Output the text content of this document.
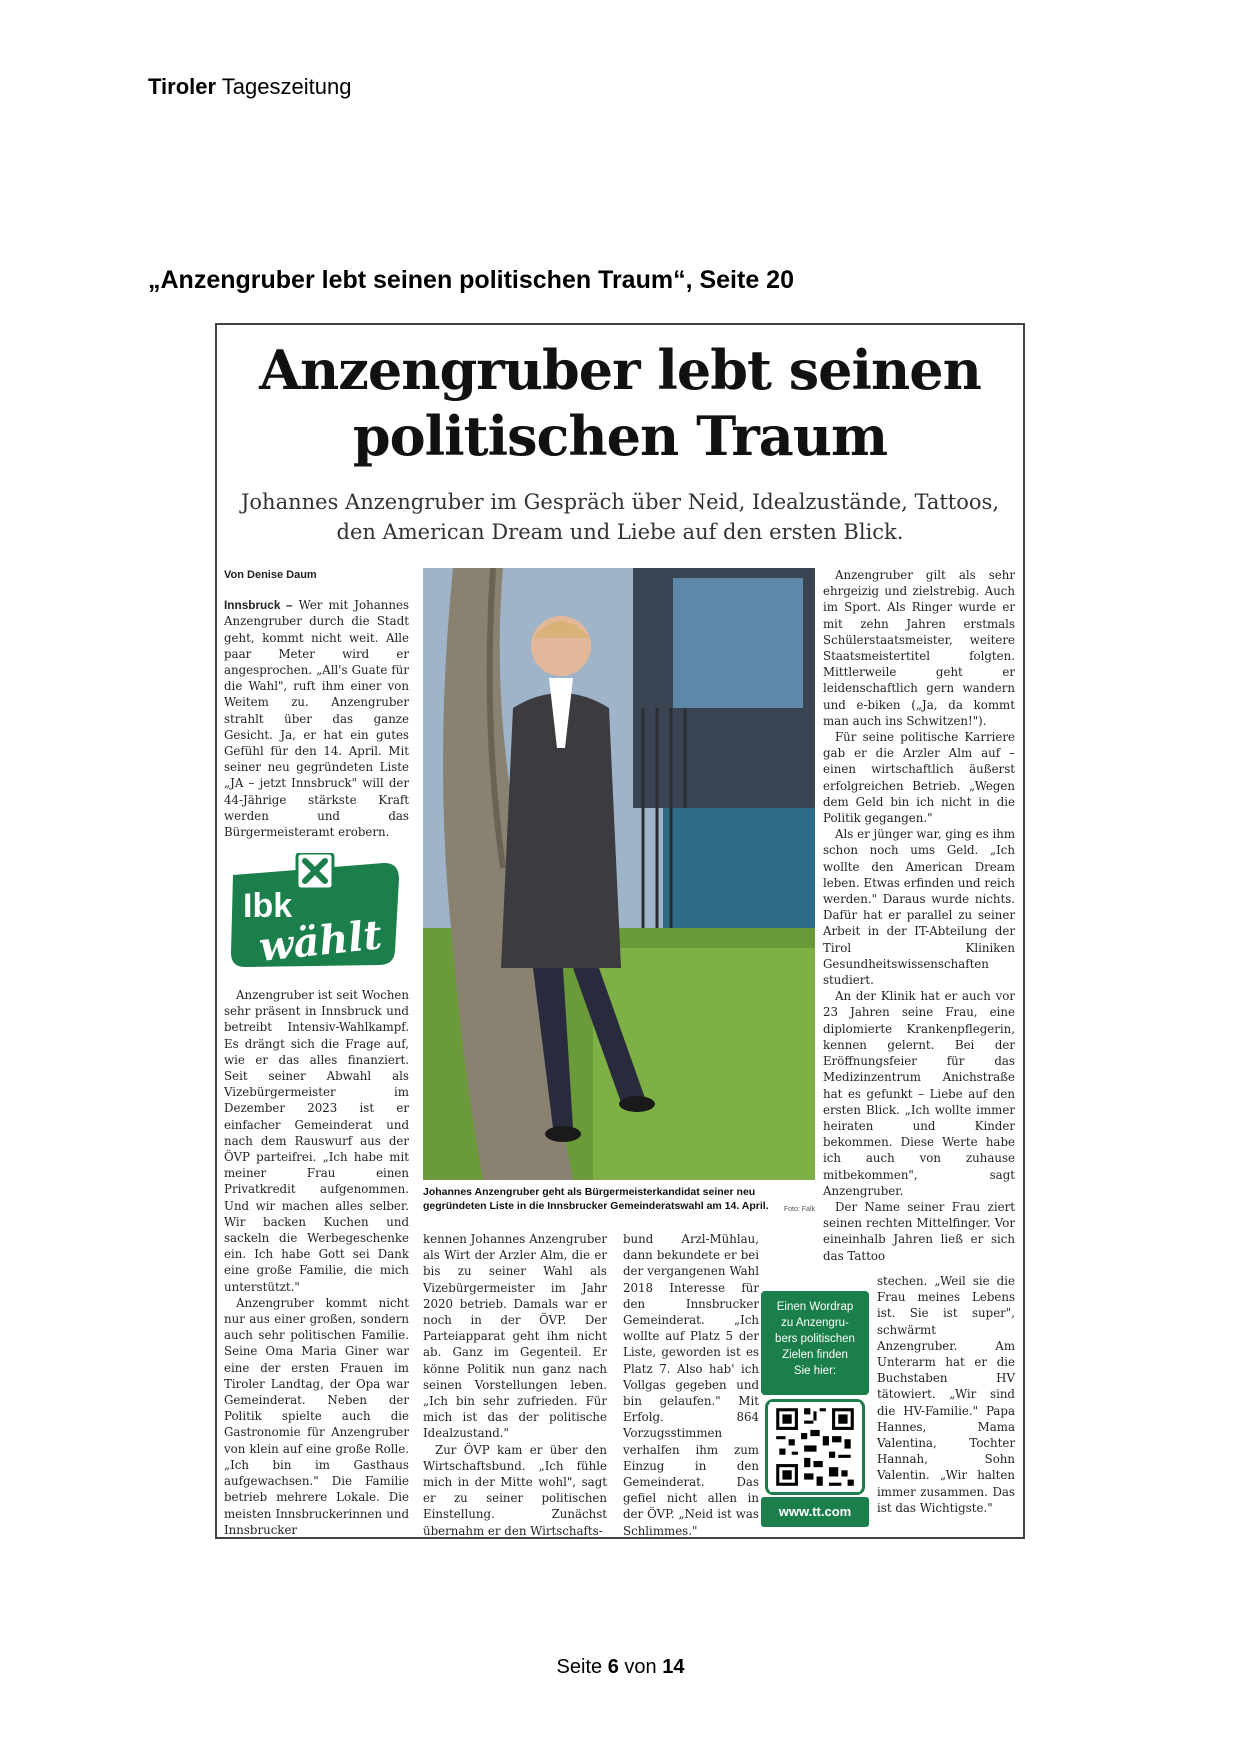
Tiroler Tageszeitung
„Anzengruber lebt seinen politischen Traum“, Seite 20
Anzengruber lebt seinen
politischen Traum
Johannes Anzengruber im Gespräch über Neid, Idealzustände, Tattoos,
den American Dream und Liebe auf den ersten Blick.

Von Denise Daum

Innsbruck – Wer mit Johannes Anzengruber durch die Stadt geht, kommt nicht weit. Alle paar Meter wird er angesprochen. „All's Guate für die Wahl", ruft ihm einer von Weitem zu. Anzengruber strahlt über das ganze Gesicht. Ja, er hat ein gutes Gefühl für den 14. April. Mit seiner neu gegründeten Liste „JA – jetzt Innsbruck" will der 44-Jährige stärkste Kraft werden und das Bürgermeisteramt erobern.

Ibk
wählt

Anzengruber ist seit Wochen sehr präsent in Innsbruck und betreibt Intensiv-Wahlkampf. Es drängt sich die Frage auf, wie er das alles finanziert. Seit seiner Abwahl als Vizebürgermeister im Dezember 2023 ist er einfacher Gemeinderat und nach dem Rauswurf aus der ÖVP parteifrei. „Ich habe mit meiner Frau einen Privatkredit aufgenommen. Und wir machen alles selber. Wir backen Kuchen und sackeln die Werbegeschenke ein. Ich habe Gott sei Dank eine große Familie, die mich unterstützt."

Anzengruber kommt nicht nur aus einer großen, sondern auch sehr politischen Familie. Seine Oma Maria Giner war eine der ersten Frauen im Tiroler Landtag, der Opa war Gemeinderat. Neben der Politik spielte auch die Gastronomie für Anzengruber von klein auf eine große Rolle. „Ich bin im Gasthaus aufgewachsen." Die Familie betrieb mehrere Lokale. Die meisten Innsbruckerinnen und Innsbrucker

Johannes Anzengruber geht als Bürgermeisterkandidat seiner neu gegründeten Liste in die Innsbrucker Gemeinderatswahl am 14. April. Foto: Falk

kennen Johannes Anzengruber als Wirt der Arzler Alm, die er bis zu seiner Wahl als Vizebürgermeister im Jahr 2020 betrieb. Damals war er noch in der ÖVP. Der Parteiapparat geht ihm nicht ab. Ganz im Gegenteil. Er könne Politik nun ganz nach seinen Vorstellungen leben. „Ich bin sehr zufrieden. Für mich ist das der politische Idealzustand."

Zur ÖVP kam er über den Wirtschaftsbund. „Ich fühle mich in der Mitte wohl", sagt er zu seiner politischen Einstellung. Zunächst übernahm er den Wirtschafts-

bund Arzl-Mühlau, dann bekundete er bei der vergangenen Wahl 2018 Interesse für den Innsbrucker Gemeinderat. „Ich wollte auf Platz 5 der Liste, geworden ist es Platz 7. Also hab' ich Vollgas gegeben und bin gelaufen." Mit Erfolg. 864 Vorzugsstimmen verhalfen ihm zum Einzug in den Gemeinderat. Das gefiel nicht allen in der ÖVP. „Neid ist was Schlimmes."

Anzengruber gilt als sehr ehrgeizig und zielstrebig. Auch im Sport. Als Ringer wurde er mit zehn Jahren erstmals Schülerstaatsmeister, weitere Staatsmeistertitel folgten. Mittlerweile geht er leidenschaftlich gern wandern und e-biken („Ja, da kommt man auch ins Schwitzen!").

Für seine politische Karriere gab er die Arzler Alm auf – einen wirtschaftlich äußerst erfolgreichen Betrieb. „Wegen dem Geld bin ich nicht in die Politik gegangen."

Als er jünger war, ging es ihm schon noch ums Geld. „Ich wollte den American Dream leben. Etwas erfinden und reich werden." Daraus wurde nichts. Dafür hat er parallel zu seiner Arbeit in der IT-Abteilung der Tirol Kliniken Gesundheitswissenschaften studiert.

An der Klinik hat er auch vor 23 Jahren seine Frau, eine diplomierte Krankenpflegerin, kennen gelernt. Bei der Eröffnungsfeier für das Medizinzentrum Anichstraße hat es gefunkt – Liebe auf den ersten Blick. „Ich wollte immer heiraten und Kinder bekommen. Diese Werte habe ich auch von zuhause mitbekommen", sagt Anzengruber.

Der Name seiner Frau ziert seinen rechten Mittelfinger. Vor eineinhalb Jahren ließ er sich das Tattoo

stechen. „Weil sie die Frau meines Lebens ist. Sie ist super", schwärmt Anzengruber. Am Unterarm hat er die Buchstaben HV tätowiert. „Wir sind die HV-Familie." Papa Hannes, Mama Valentina, Tochter Hannah, Sohn Valentin. „Wir halten immer zusammen. Das ist das Wichtigste."

Einen Wordrap
zu Anzengru-
bers politischen
Zielen finden
Sie hier:
www.tt.com
Seite 6 von 14
